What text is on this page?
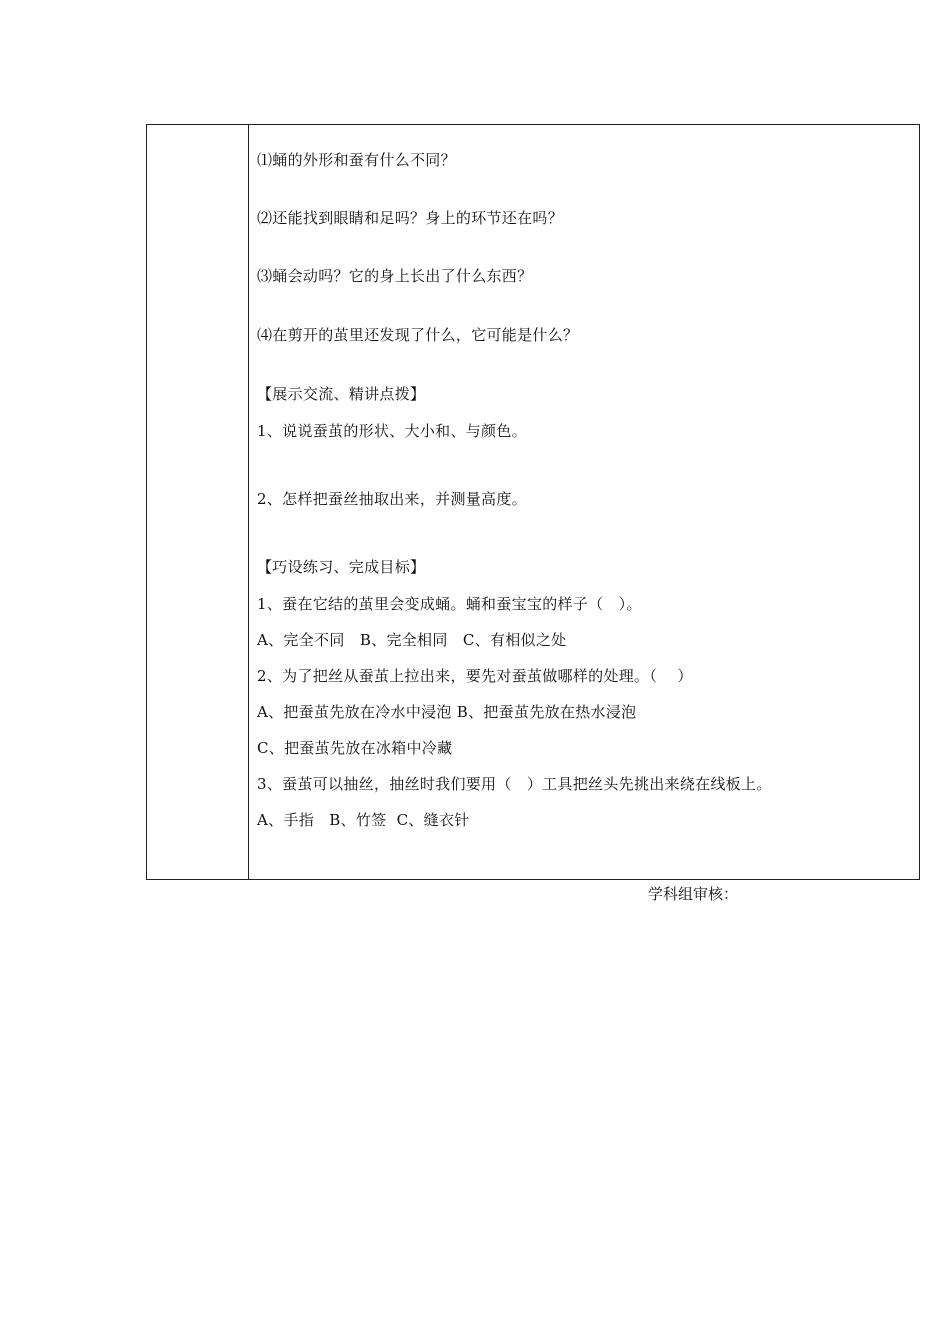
⑴蛹的外形和蚕有什么不同？
⑵还能找到眼睛和足吗？身上的环节还在吗？
⑶蛹会动吗？它的身上长出了什么东西？
⑷在剪开的茧里还发现了什么，它可能是什么？
【展示交流、精讲点拨】
1、说说蚕茧的形状、大小和、与颜色。
2、怎样把蚕丝抽取出来，并测量高度。
【巧设练习、完成目标】
1、蚕在它结的茧里会变成蛹。蛹和蚕宝宝的样子（   ）。
A、完全不同   B、完全相同   C、有相似之处
2、为了把丝从蚕茧上拉出来，要先对蚕茧做哪样的处理。（    ）
A、把蚕茧先放在冷水中浸泡 B、把蚕茧先放在热水浸泡
C、把蚕茧先放在冰箱中冷藏
3、蚕茧可以抽丝，抽丝时我们要用（   ）工具把丝头先挑出来绕在线板上。
A、手指   B、竹签  C、缝衣针
学科组审核：
